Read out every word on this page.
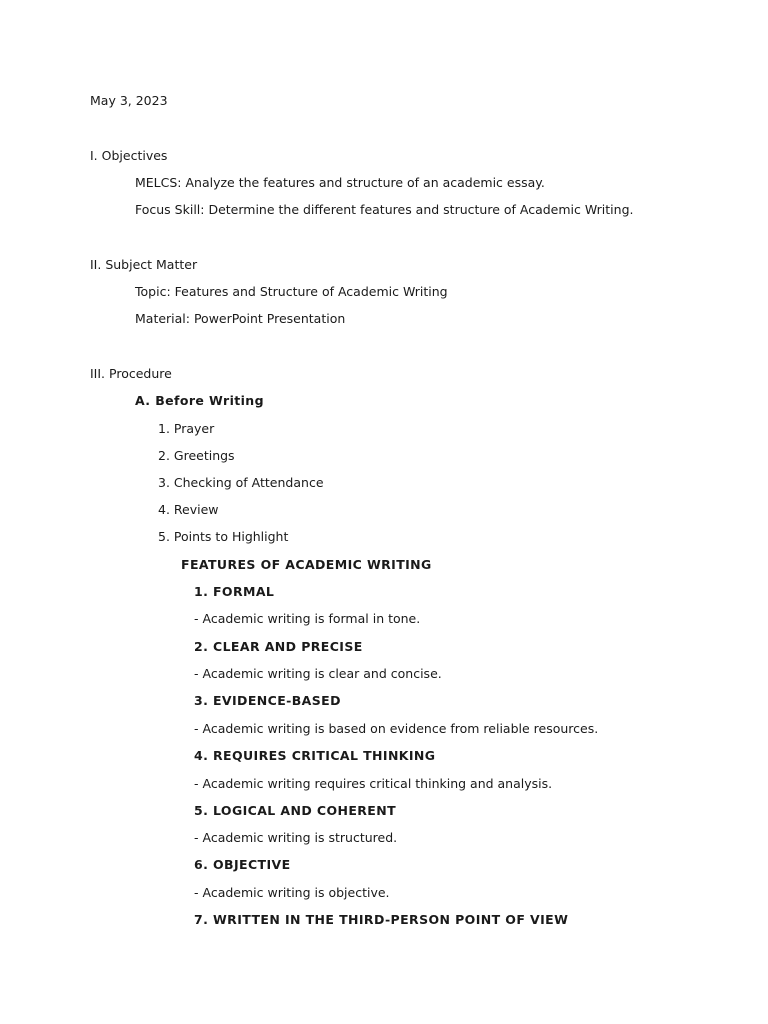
May 3, 2023
I. Objectives
MELCS: Analyze the features and structure of an academic essay.
Focus Skill: Determine the different features and structure of Academic Writing.
II. Subject Matter
Topic: Features and Structure of Academic Writing
Material: PowerPoint Presentation
III. Procedure
A. Before Writing
1. Prayer
2. Greetings
3. Checking of Attendance
4. Review
5. Points to Highlight
FEATURES OF ACADEMIC WRITING
1. FORMAL
- Academic writing is formal in tone.
2. CLEAR AND PRECISE
- Academic writing is clear and concise.
3. EVIDENCE-BASED
- Academic writing is based on evidence from reliable resources.
4. REQUIRES CRITICAL THINKING
- Academic writing requires critical thinking and analysis.
5. LOGICAL AND COHERENT
- Academic writing is structured.
6. OBJECTIVE
- Academic writing is objective.
7. WRITTEN IN THE THIRD-PERSON POINT OF VIEW
